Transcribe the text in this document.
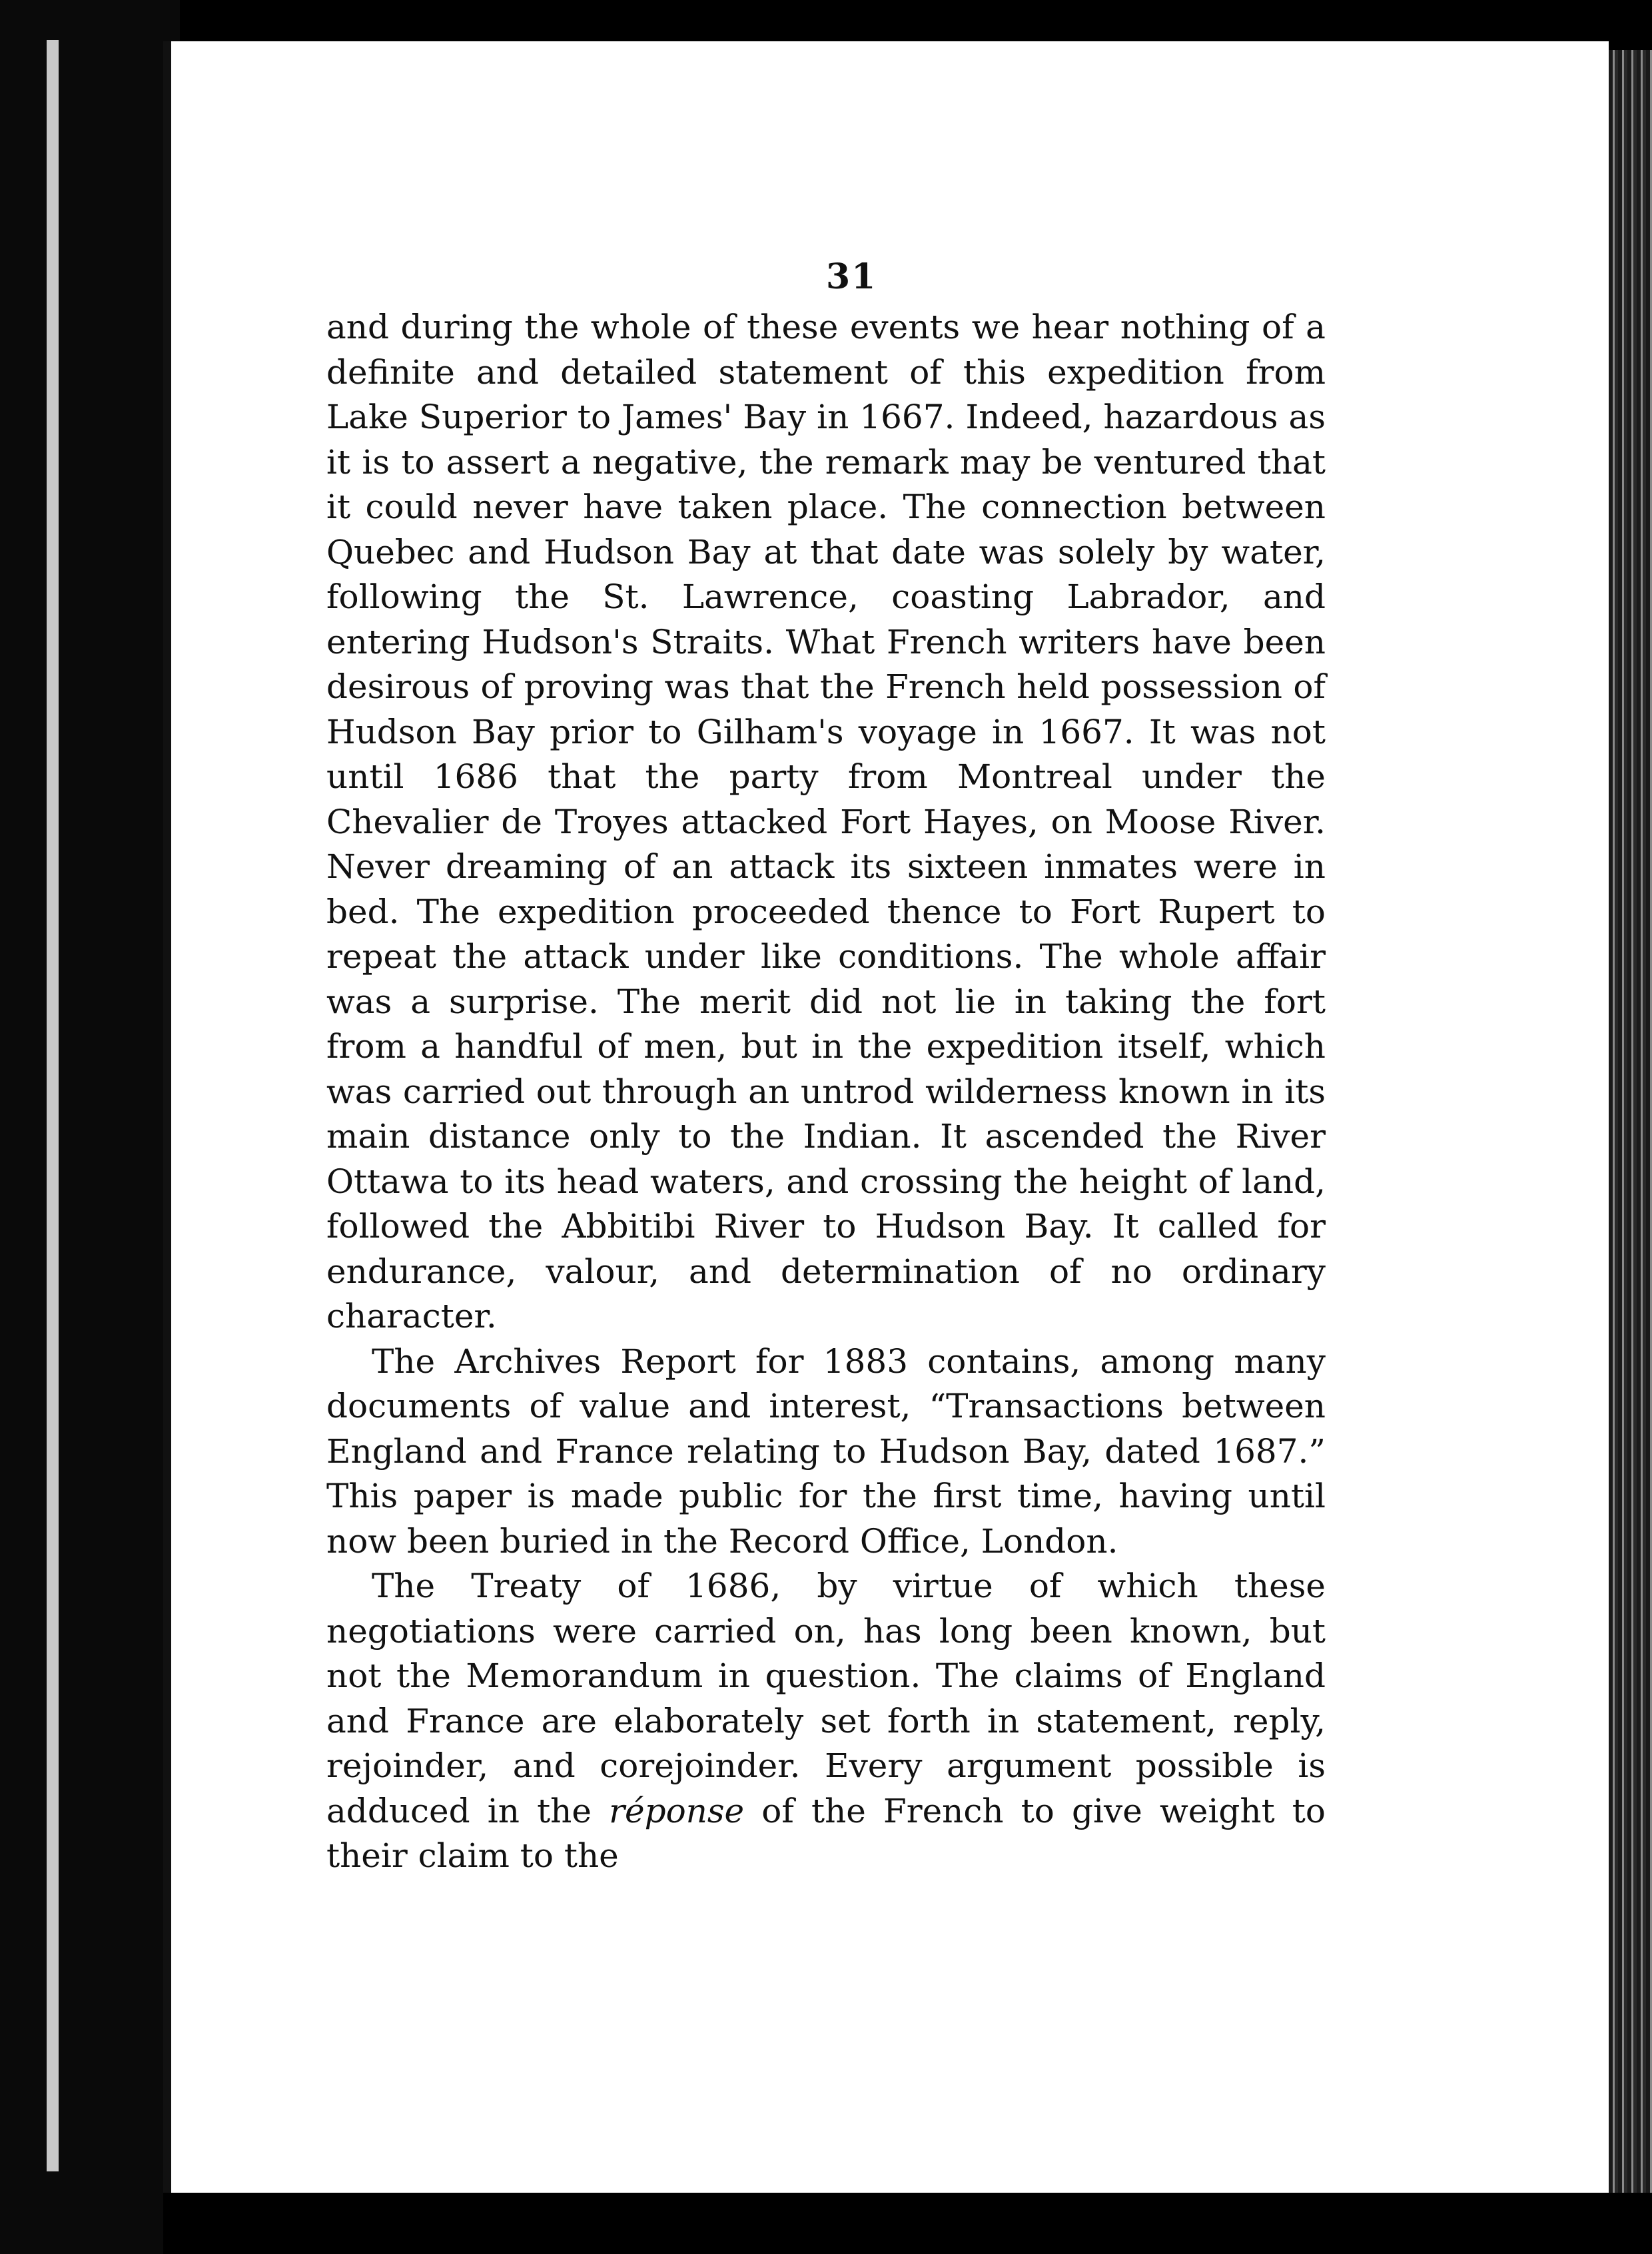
31

and during the whole of these events we hear nothing of a definite and detailed statement of this expedition from Lake Superior to James' Bay in 1667. Indeed, hazardous as it is to assert a negative, the remark may be ventured that it could never have taken place. The connection between Quebec and Hudson Bay at that date was solely by water, following the St. Lawrence, coasting Labrador, and entering Hudson's Straits. What French writers have been desirous of proving was that the French held possession of Hudson Bay prior to Gilham's voyage in 1667. It was not until 1686 that the party from Montreal under the Chevalier de Troyes attacked Fort Hayes, on Moose River. Never dreaming of an attack its sixteen inmates were in bed. The expedition proceeded thence to Fort Rupert to repeat the attack under like conditions. The whole affair was a surprise. The merit did not lie in taking the fort from a handful of men, but in the expedition itself, which was carried out through an untrod wilderness known in its main distance only to the Indian. It ascended the River Ottawa to its head waters, and crossing the height of land, followed the Abbitibi River to Hudson Bay. It called for endurance, valour, and determination of no ordinary character.

The Archives Report for 1883 contains, among many documents of value and interest, “Transactions between England and France relating to Hudson Bay, dated 1687.” This paper is made public for the first time, having until now been buried in the Record Office, London.

The Treaty of 1686, by virtue of which these negotiations were carried on, has long been known, but not the Memorandum in question. The claims of England and France are elaborately set forth in statement, reply, rejoinder, and corejoinder. Every argument possible is adduced in the réponse of the French to give weight to their claim to the
